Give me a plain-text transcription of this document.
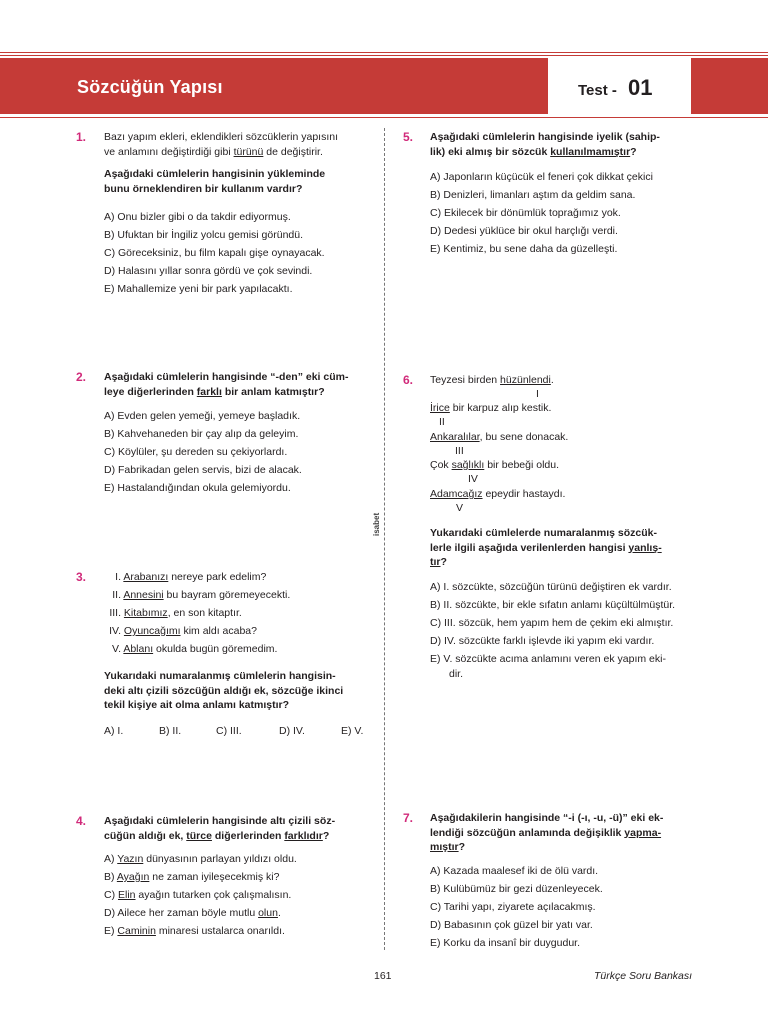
Sözcüğün Yapısı	Test - 01
isabet
1. Bazı yapım ekleri, eklendikleri sözcüklerin yapısını
ve anlamını değiştirdiği gibi türünü de değiştirir.
Aşağıdaki cümlelerin hangisinin yükleminde
bunu örneklendiren bir kullanım vardır?
A) Onu bizler gibi o da takdir ediyormuş.
B) Ufuktan bir İngiliz yolcu gemisi göründü.
C) Göreceksiniz, bu film kapalı gişe oynayacak.
D) Halasını yıllar sonra gördü ve çok sevindi.
E) Mahallemize yeni bir park yapılacaktı.
2. Aşağıdaki cümlelerin hangisinde “-den” eki cüm-
leye diğerlerinden farklı bir anlam katmıştır?
A) Evden gelen yemeği, yemeye başladık.
B) Kahvehaneden bir çay alıp da geleyim.
C) Köylüler, şu dereden su çekiyorlardı.
D) Fabrikadan gelen servis, bizi de alacak.
E) Hastalandığından okula gelemiyordu.
3.	I. Arabanızı nereye park edelim?
II. Annesini bu bayram göremeyecekti.
III. Kitabımız, en son kitaptır.
IV. Oyuncağımı kim aldı acaba?
V. Ablanı okulda bugün göremedim.
Yukarıdaki numaralanmış cümlelerin hangisin-
deki altı çizili sözcüğün aldığı ek, sözcüğe ikinci
tekil kişiye ait olma anlamı katmıştır?
A) I.	B) II.	C) III.	D) IV.	E) V.
4. Aşağıdaki cümlelerin hangisinde altı çizili söz-
cüğün aldığı ek, türce diğerlerinden farklıdır?
A) Yazın dünyasının parlayan yıldızı oldu.
B) Ayağın ne zaman iyileşecekmiş ki?
C) Elin ayağın tutarken çok çalışmalısın.
D) Ailece her zaman böyle mutlu olun.
E) Caminin minaresi ustalarca onarıldı.
5. Aşağıdaki cümlelerin hangisinde iyelik (sahip-
lik) eki almış bir sözcük kullanılmamıştır?
A) Japonların küçücük el feneri çok dikkat çekici
B) Denizleri, limanları aştım da geldim sana.
C) Ekilecek bir dönümlük toprağımız yok.
D) Dedesi yüklüce bir okul harçlığı verdi.
E) Kentimiz, bu sene daha da güzelleşti.
6. Teyzesi birden hüzünlendi.
I
İrice bir karpuz alıp kestik.
II
Ankaralılar, bu sene donacak.
III
Çok sağlıklı bir bebeği oldu.
IV
Adamcağız epeydir hastaydı.
V
Yukarıdaki cümlelerde numaralanmış sözcük-
lerle ilgili aşağıda verilenlerden hangisi yanlış-
tır?
A) I. sözcükte, sözcüğün türünü değiştiren ek vardır.
B) II. sözcükte, bir ekle sıfatın anlamı küçültülmüştür.
C) III. sözcük, hem yapım hem de çekim eki almıştır.
D) IV. sözcükte farklı işlevde iki yapım eki vardır.
E) V. sözcükte acıma anlamını veren ek yapım eki-
dir.
7. Aşağıdakilerin hangisinde “-i (-ı, -u, -ü)” eki ek-
lendiği sözcüğün anlamında değişiklik yapma-
mıştır?
A) Kazada maalesef iki de ölü vardı.
B) Kulübümüz bir gezi düzenleyecek.
C) Tarihi yapı, ziyarete açılacakmış.
D) Babasının çok güzel bir yatı var.
E) Korku da insanî bir duygudur.
161	Türkçe Soru Bankası
